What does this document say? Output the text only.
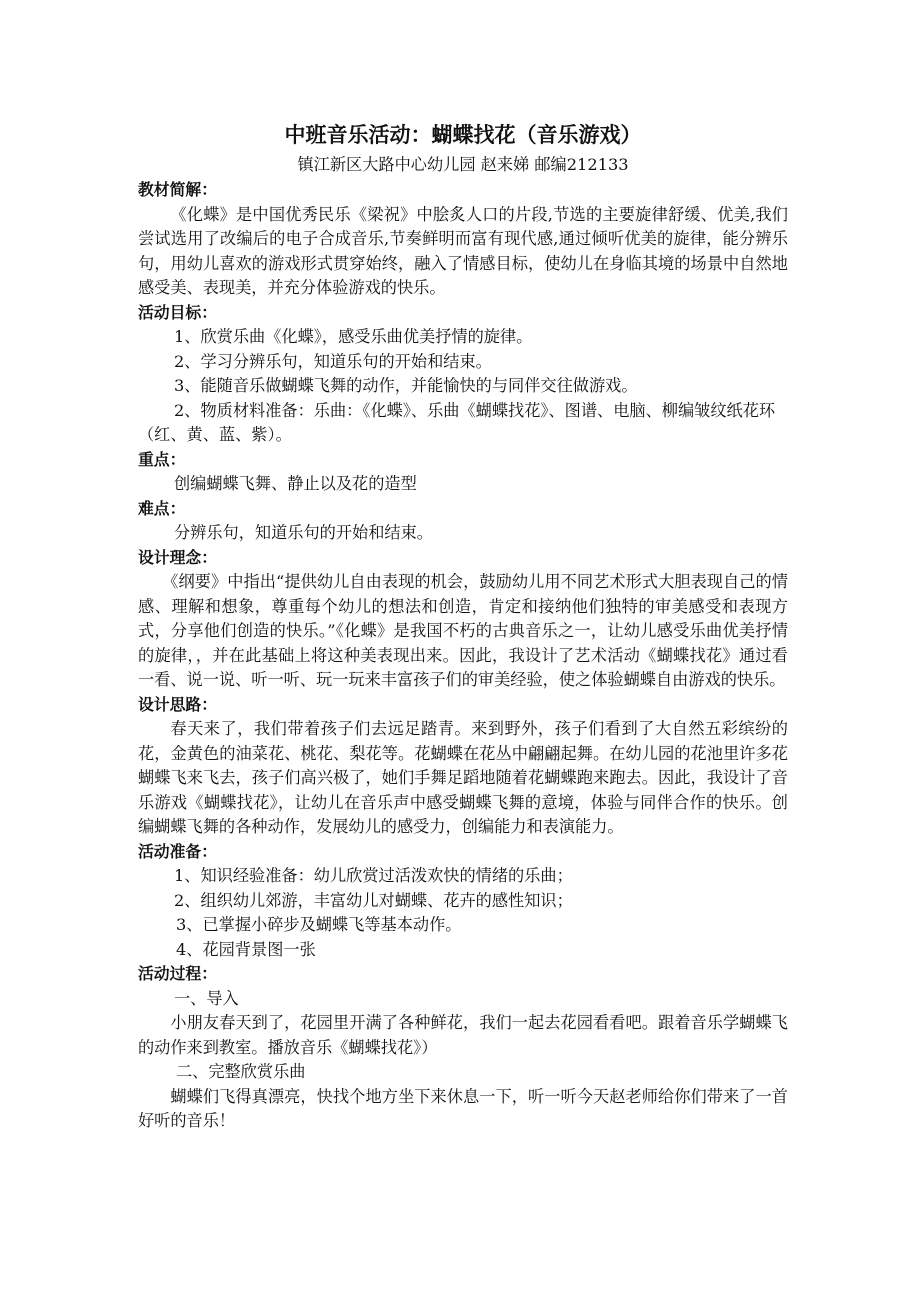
中班音乐活动：蝴蝶找花（音乐游戏）

镇江新区大路中心幼儿园 赵来娣 邮编212133

教材简解：

《化蝶》是中国优秀民乐《梁祝》中脍炙人口的片段,节选的主要旋律舒缓、优美,我们尝试选用了改编后的电子合成音乐,节奏鲜明而富有现代感,通过倾听优美的旋律，能分辨乐句，用幼儿喜欢的游戏形式贯穿始终，融入了情感目标，使幼儿在身临其境的场景中自然地感受美、表现美，并充分体验游戏的快乐。

活动目标：

1、欣赏乐曲《化蝶》，感受乐曲优美抒情的旋律。

2、学习分辨乐句，知道乐句的开始和结束。

3、能随音乐做蝴蝶飞舞的动作，并能愉快的与同伴交往做游戏。

2、物质材料准备：乐曲：《化蝶》、乐曲《蝴蝶找花》、图谱、电脑、柳编皱纹纸花环（红、黄、蓝、紫）。

重点：

创编蝴蝶飞舞、静止以及花的造型

难点：

分辨乐句，知道乐句的开始和结束。

设计理念：

《纲要》中指出“提供幼儿自由表现的机会，鼓励幼儿用不同艺术形式大胆表现自己的情感、理解和想象，尊重每个幼儿的想法和创造，肯定和接纳他们独特的审美感受和表现方式，分享他们创造的快乐。”《化蝶》是我国不朽的古典音乐之一，让幼儿感受乐曲优美抒情的旋律，，并在此基础上将这种美表现出来。因此，我设计了艺术活动《蝴蝶找花》通过看一看、说一说、听一听、玩一玩来丰富孩子们的审美经验，使之体验蝴蝶自由游戏的快乐。

设计思路：

春天来了，我们带着孩子们去远足踏青。来到野外，孩子们看到了大自然五彩缤纷的花，金黄色的油菜花、桃花、梨花等。花蝴蝶在花丛中翩翩起舞。在幼儿园的花池里许多花蝴蝶飞来飞去，孩子们高兴极了，她们手舞足蹈地随着花蝴蝶跑来跑去。因此，我设计了音乐游戏《蝴蝶找花》，让幼儿在音乐声中感受蝴蝶飞舞的意境，体验与同伴合作的快乐。创编蝴蝶飞舞的各种动作，发展幼儿的感受力，创编能力和表演能力。

活动准备：

1、知识经验准备：幼儿欣赏过活泼欢快的情绪的乐曲；

2、组织幼儿郊游，丰富幼儿对蝴蝶、花卉的感性知识；

3、已掌握小碎步及蝴蝶飞等基本动作。

4、花园背景图一张

活动过程：

一、导入

小朋友春天到了，花园里开满了各种鲜花，我们一起去花园看看吧。跟着音乐学蝴蝶飞的动作来到教室。播放音乐《蝴蝶找花》）

二、完整欣赏乐曲

蝴蝶们飞得真漂亮，快找个地方坐下来休息一下，听一听今天赵老师给你们带来了一首好听的音乐！
